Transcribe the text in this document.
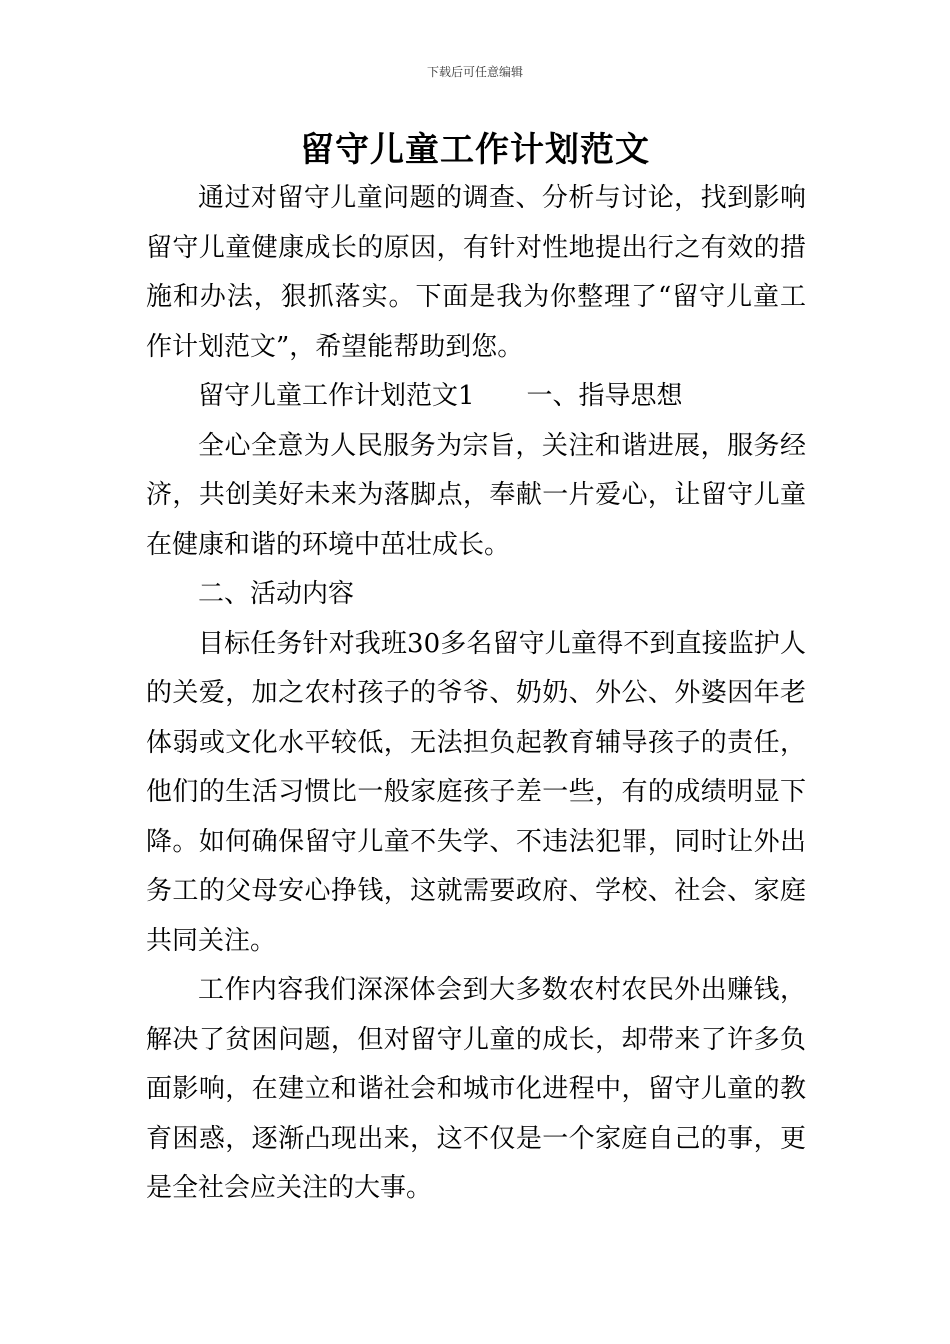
下载后可任意编辑
留守儿童工作计划范文

通过对留守儿童问题的调查、分析与讨论，找到影响留守儿童健康成长的原因，有针对性地提出行之有效的措施和办法，狠抓落实。下面是我为你整理了“留守儿童工作计划范文”，希望能帮助到您。

留守儿童工作计划范文1　　一、指导思想

全心全意为人民服务为宗旨，关注和谐进展，服务经济，共创美好未来为落脚点，奉献一片爱心，让留守儿童在健康和谐的环境中茁壮成长。

二、活动内容

目标任务针对我班30多名留守儿童得不到直接监护人的关爱，加之农村孩子的爷爷、奶奶、外公、外婆因年老体弱或文化水平较低，无法担负起教育辅导孩子的责任，他们的生活习惯比一般家庭孩子差一些，有的成绩明显下降。如何确保留守儿童不失学、不违法犯罪，同时让外出务工的父母安心挣钱，这就需要政府、学校、社会、家庭共同关注。

工作内容我们深深体会到大多数农村农民外出赚钱，解决了贫困问题，但对留守儿童的成长，却带来了许多负面影响，在建立和谐社会和城市化进程中，留守儿童的教育困惑，逐渐凸现出来，这不仅是一个家庭自己的事，更是全社会应关注的大事。
